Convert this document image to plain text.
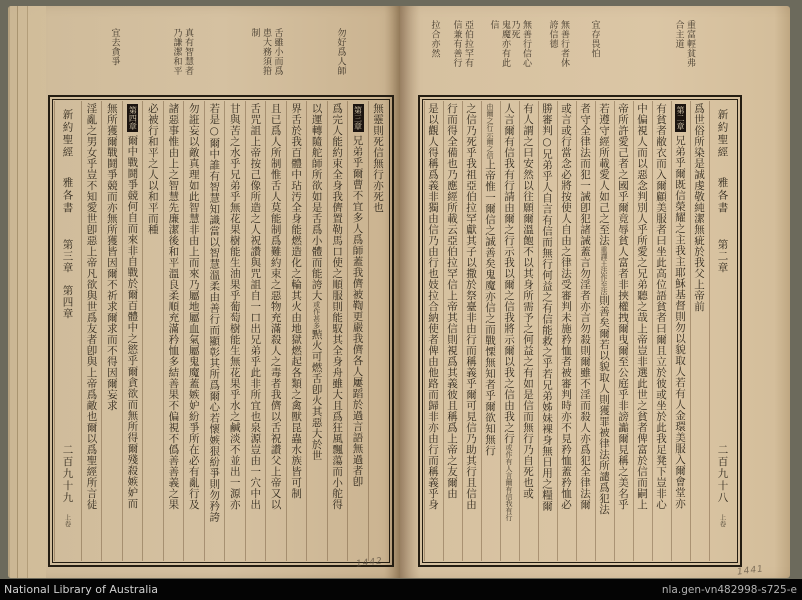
新約聖經
雅各書
第三章
第四章
二百九十九
上卷
無靈則死信無行亦死也
第三章兄弟乎爾曹不宜多人爲師蓋我儕被鞫更嚴我儕各人屢蹈於過言語無過者卽
爲完人能約束全身我儕置勒馬口使之順服則能馭其全身舟雖大且爲狂風飄蕩而小舵得
以運轉隨舵師所欲如是舌爲小體而能誇大或作甚多㸃火可燃舌卽火其惡大於世
界舌於我百體中玷汚全身能燃造化之輪其火由地獄燃起各類之禽獸昆蟲水族皆可制
且已爲人所制惟舌人莫能制爲難約束之惡物充滿殺人之毒者我儕以舌祝讚父上帝又以
舌咒詛上帝按己像所造之人祝讚與咒詛自一口出兄弟乎此非所宜也泉源豈由一穴中出
甘與苦之水乎兄弟乎無花果樹能生油果乎葡萄樹能生無花果乎水之鹹淡不並出一源亦
若是○爾中誰有智慧知識當以智慧溫柔由善行而顯彰其所爲爾心若懷嫉狠紛爭則勿矜誇
勿誑妄以敵真理如此智慧非由上而來乃屬地屬血氣屬鬼魔蓋嫉妒紛爭所在必有亂行及
諸惡事惟由上之智慧先廉潔後和平溫良柔順充滿矜恤多結善果不偏視不僞善善義之果
必被行和平之人以和平而種
第四章爾中戰鬪爭競何自而來非自戰於爾百體中之慾乎爾貪欲而無所得爾殘殺嫉妒而
無所獲爾戰鬪爭競而亦無所獲皆因爾不祈求爾求而不得因爾妄求
淫亂之男女乎豈不知愛世卽惡上帝凡欲與世爲友者卽與上帝爲敵也爾以爲聖經所言徒	新約聖經
雅各書
第二章
二百九十八
上卷
爲世俗所染是誠虔敬純潔無疵於我父上帝前
第二章兄弟乎爾既信榮耀之主我主耶穌基督則勿以貌取人若有人金環美服入爾會堂亦
有貧者敝衣而入爾顧美服者曰坐此高位語貧者曰爾且立於彼或坐於此我足凳下豈非心
中偏視人而以惡念判別人乎所愛之兄弟聽之哉上帝豈非選此世之貧者俾富於信而嗣上
帝所許愛己者之國乎爾竟辱貧人富者非挾權拽爾曳爾至公庭乎非謗讟爾見稱之美名乎
若遵守經所載愛人如己之至法重譯王法作至法則善矣爾若以貌取人則獲罪被律法所譴爲犯法
者守全律法而犯一誡卽犯諸誡蓋言勿淫者亦言勿殺則爾雖不淫而殺人亦爲犯全律法爾
或言或行當念必將按使人自由之律法受審判未施矜恤者被審判時亦不見矜恤蓋矜恤必
勝審判○兄弟乎人自言有信而無行何益之有信能救之乎若兄弟姊妹裸身無日用之糧爾
有人謂之曰安然以往願爾溫飽不以其身所需予之何益之有如是信而無行乃自死也或
人言爾有信我有行請由爾之行示我以爾之信我將示爾以我之信由我之行或作有人言爾有信我有行
由爾之行示爾之信上帝惟一爾信之誠善矣鬼魔亦信之而戰慄無知者乎爾欲知無行
之信乃死乎我祖亞伯拉罕獻其子以撒於祭臺非由行而稱義乎爾可見信乃助其行且信由
行而得全備也乃應經所載云亞伯拉罕信上帝其信則視爲其義彼且稱爲上帝之友爾由
是以觀人得稱爲義非獨由信乃由行也妓拉合納使者俾由他路而歸非亦由行而稱義乎身
1442
1441
National Library of Australia	nla.gen-vn482998-s725-e
勿好爲人師
舌雖小而爲患大務須箝制
真有智慧者乃謙潔和平
宜去貪爭	重富輕貧弗合主道
宜存畏怕
無善行者休誇信德
無善行信心乃死
鬼魔亦有此信
亞伯拉罕有信兼有善行
拉合亦然
